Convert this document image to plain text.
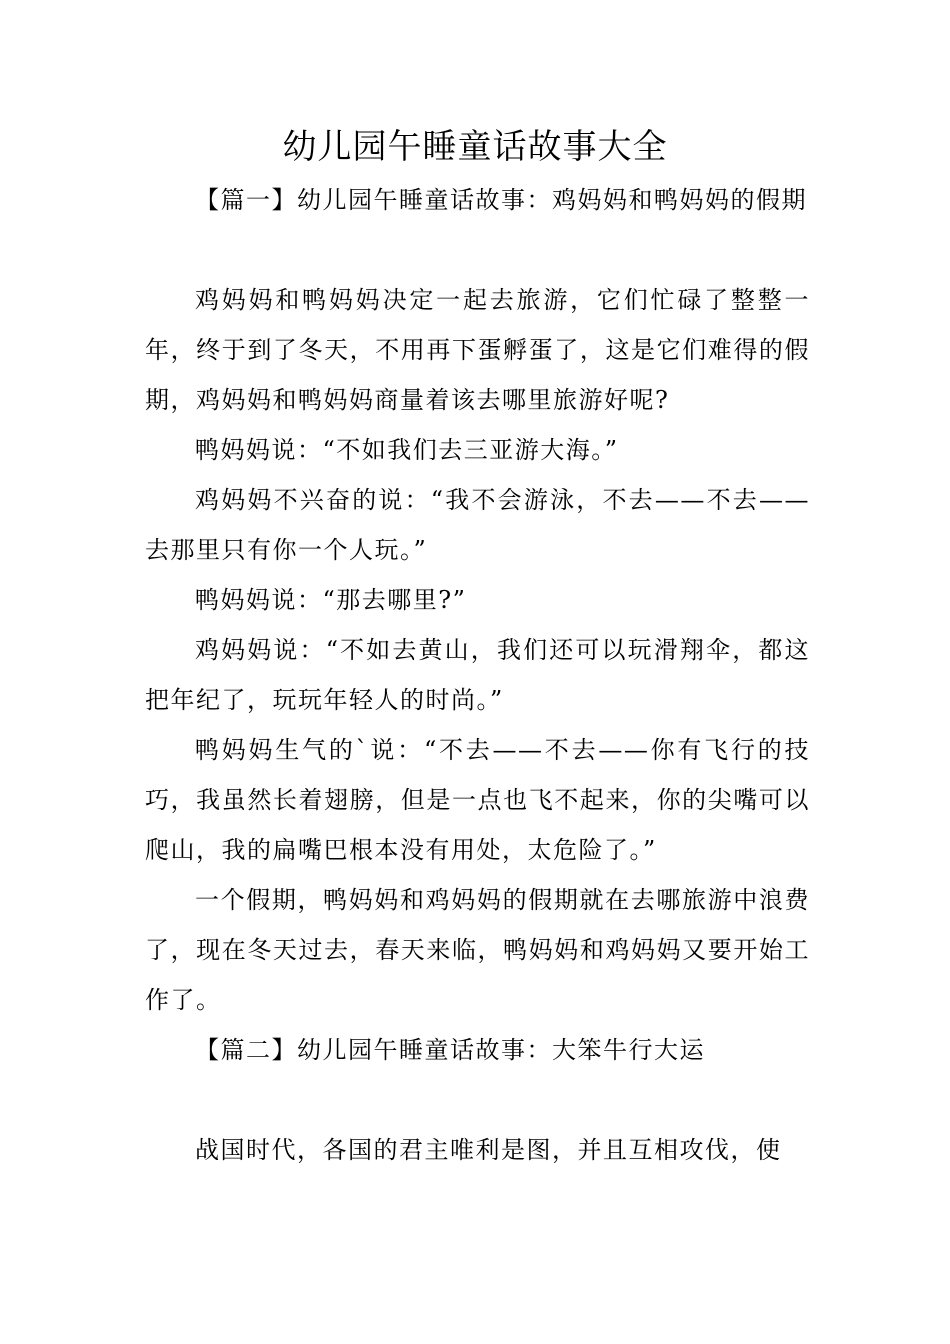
幼儿园午睡童话故事大全

【篇一】幼儿园午睡童话故事：鸡妈妈和鸭妈妈的假期

鸡妈妈和鸭妈妈决定一起去旅游，它们忙碌了整整一年，终于到了冬天，不用再下蛋孵蛋了，这是它们难得的假期，鸡妈妈和鸭妈妈商量着该去哪里旅游好呢?

鸭妈妈说：“不如我们去三亚游大海。”

鸡妈妈不兴奋的说：“我不会游泳，不去——不去——去那里只有你一个人玩。”

鸭妈妈说：“那去哪里?”

鸡妈妈说：“不如去黄山，我们还可以玩滑翔伞，都这把年纪了，玩玩年轻人的时尚。”

鸭妈妈生气的`说：“不去——不去——你有飞行的技巧，我虽然长着翅膀，但是一点也飞不起来，你的尖嘴可以爬山，我的扁嘴巴根本没有用处，太危险了。”

一个假期，鸭妈妈和鸡妈妈的假期就在去哪旅游中浪费了，现在冬天过去，春天来临，鸭妈妈和鸡妈妈又要开始工作了。

【篇二】幼儿园午睡童话故事：大笨牛行大运

战国时代，各国的君主唯利是图，并且互相攻伐，使
